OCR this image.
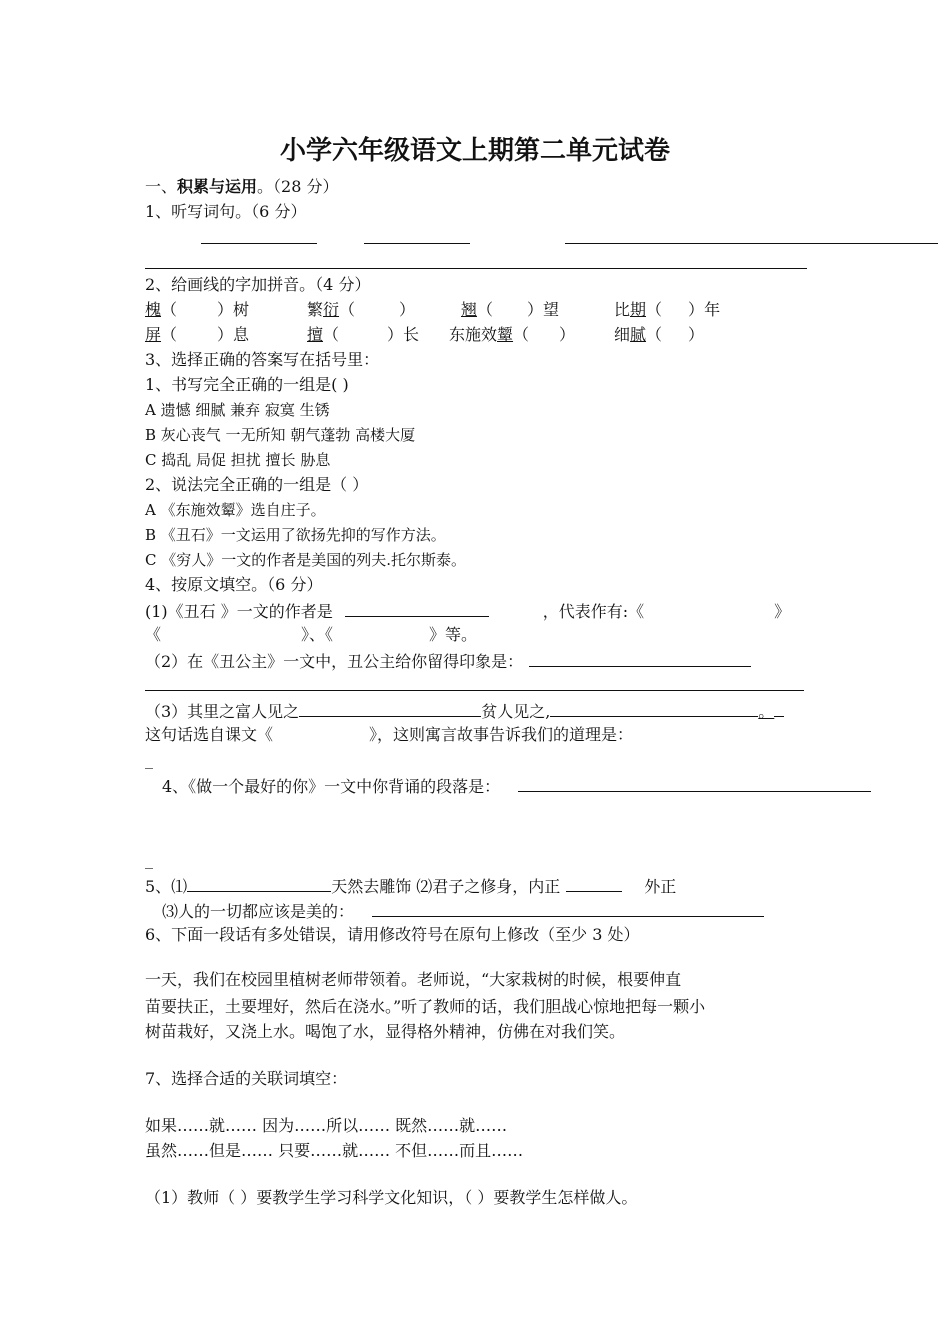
小学六年级语文上期第二单元试卷
一、积累与运用。（28 分）
1、听写词句。（6 分）
2、给画线的字加拼音。（4 分）
槐（	）树	繁衍（	）	翘（ ）望	比期（ ）年
屏（	）息	擅（	）长 东施效颦（ ） 细腻（ ）
3、选择正确的答案写在括号里：
1、书写完全正确的一组是( )
A 遗憾 细腻 兼弃 寂寞 生锈
B 灰心丧气 一无所知 朝气蓬勃 高楼大厦
C 捣乱 局促 担扰 擅长 胁息
2、说法完全正确的一组是（ ）
A 《东施效颦》选自庄子。
B 《丑石》一文运用了欲扬先抑的写作方法。
C 《穷人》一文的作者是美国的列夫.托尔斯泰。
4、按原文填空。（6 分）
(1)《丑石 》一文的作者是	，代表作有:《	》
《	》、《	》等。
（2）在《丑公主》一文中，丑公主给你留得印象是：
（3）其里之富人见之	贫人见之,	。
这句话选自课文《	》，这则寓言故事告诉我们的道理是：
_
4、《做一个最好的你》一文中你背诵的段落是：
_
5、⑴	天然去雕饰 ⑵君子之修身，内正	外正
⑶人的一切都应该是美的：
6、下面一段话有多处错误，请用修改符号在原句上修改（至少 3 处）
一天，我们在校园里植树老师带领着。老师说，“大家栽树的时候，根要伸直
苗要扶正，土要埋好，然后在浇水。”听了教师的话，我们胆战心惊地把每一颗小
树苗栽好，又浇上水。喝饱了水，显得格外精神，仿佛在对我们笑。
7、选择合适的关联词填空：
如果……就…… 因为……所以…… 既然……就……
虽然……但是…… 只要……就…… 不但……而且……
（1）教师（ ）要教学生学习科学文化知识，（ ）要教学生怎样做人。
